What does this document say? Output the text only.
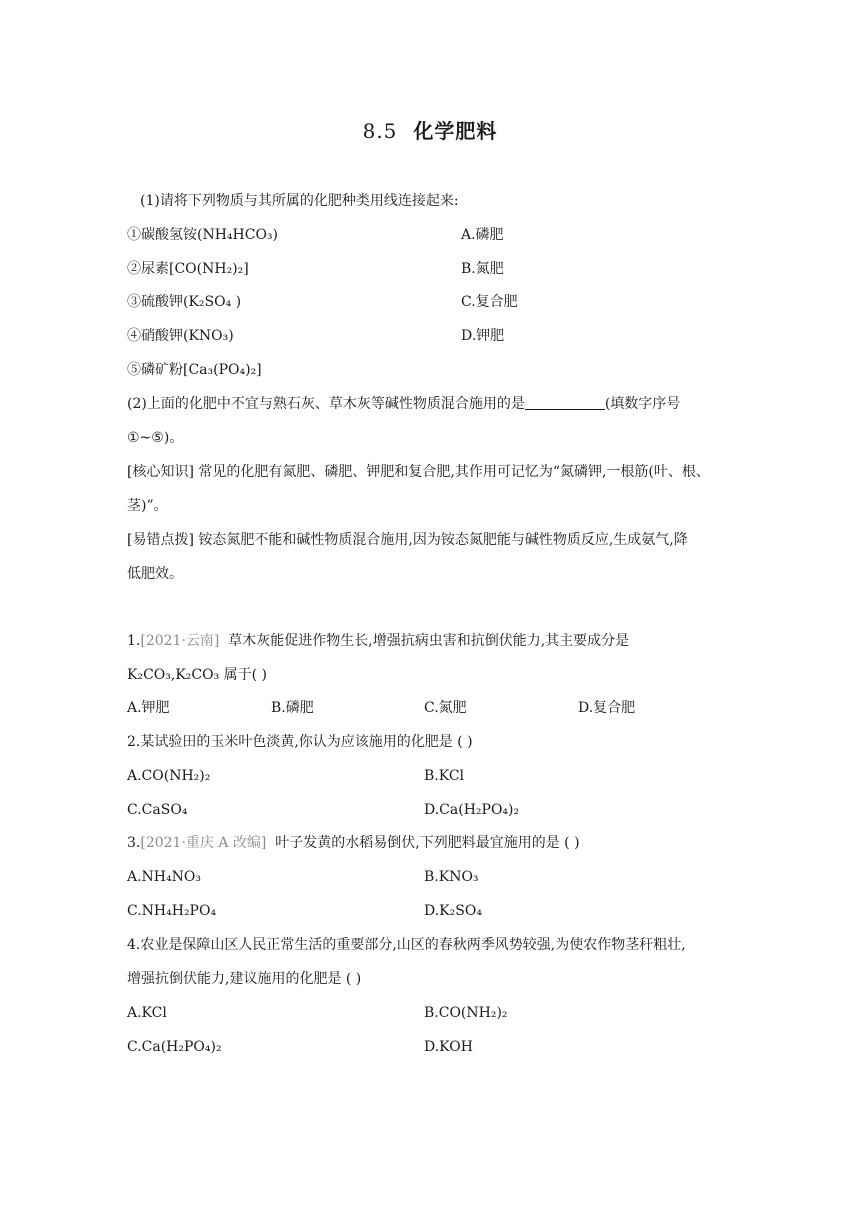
8.5 化学肥料
(1)请将下列物质与其所属的化肥种类用线连接起来:
①碳酸氢铵(NH₄HCO₃)	A.磷肥
②尿素[CO(NH₂)₂]	B.氮肥
③硫酸钾(K₂SO₄ )	C.复合肥
④硝酸钾(KNO₃)	D.钾肥
⑤磷矿粉[Ca₃(PO₄)₂]
(2)上面的化肥中不宜与熟石灰、草木灰等碱性物质混合施用的是	(填数字序号
①~⑤)。
[核心知识] 常见的化肥有氮肥、磷肥、钾肥和复合肥,其作用可记忆为“氮磷钾,一根筋(叶、根、
茎)”。
[易错点拨] 铵态氮肥不能和碱性物质混合施用,因为铵态氮肥能与碱性物质反应,生成氨气,降
低肥效。
1.[2021·云南] 草木灰能促进作物生长,增强抗病虫害和抗倒伏能力,其主要成分是
K₂CO₃,K₂CO₃ 属于( )
A.钾肥	B.磷肥	C.氮肥	D.复合肥
2.某试验田的玉米叶色淡黄,你认为应该施用的化肥是 ( )
A.CO(NH₂)₂	B.KCl
C.CaSO₄	D.Ca(H₂PO₄)₂
3.[2021·重庆 A 改编] 叶子发黄的水稻易倒伏,下列肥料最宜施用的是 ( )
A.NH₄NO₃	B.KNO₃
C.NH₄H₂PO₄	D.K₂SO₄
4.农业是保障山区人民正常生活的重要部分,山区的春秋两季风势较强,为使农作物茎秆粗壮,
增强抗倒伏能力,建议施用的化肥是 ( )
A.KCl	B.CO(NH₂)₂
C.Ca(H₂PO₄)₂	D.KOH
